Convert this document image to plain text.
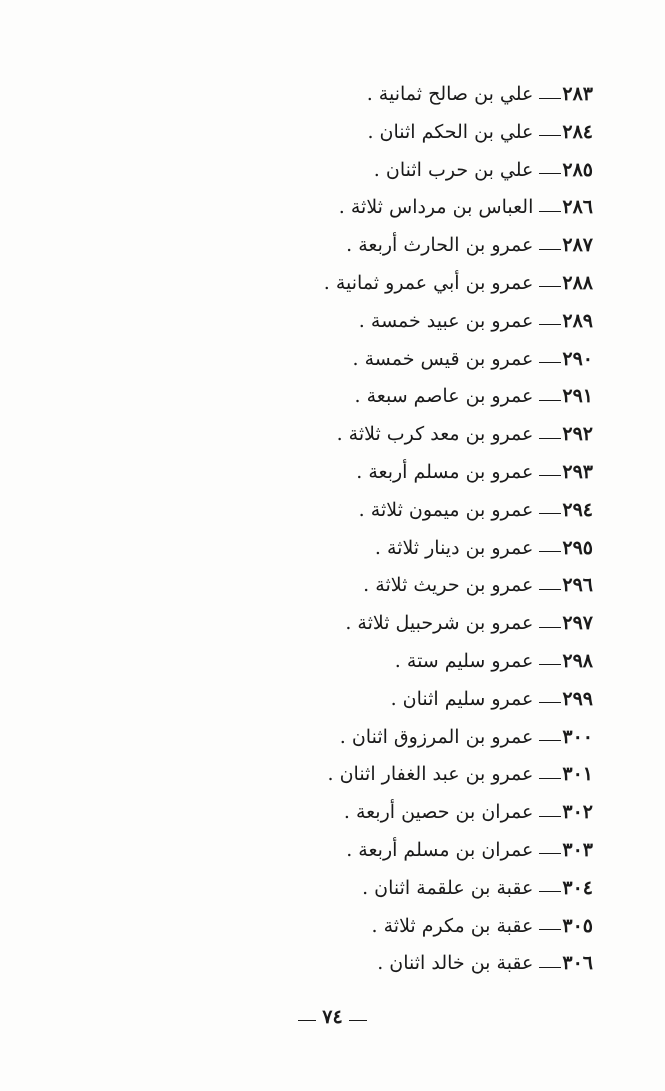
٢٨٣علي بن صالح ثمانية .
٢٨٤علي بن الحكم اثنان .
٢٨٥علي بن حرب اثنان .
٢٨٦العباس بن مرداس ثلاثة .
٢٨٧عمرو بن الحارث أربعة .
٢٨٨عمرو بن أبي عمرو ثمانية .
٢٨٩عمرو بن عبيد خمسة .
٢٩٠عمرو بن قيس خمسة .
٢٩١عمرو بن عاصم سبعة .
٢٩٢عمرو بن معد كرب ثلاثة .
٢٩٣عمرو بن مسلم أربعة .
٢٩٤عمرو بن ميمون ثلاثة .
٢٩٥عمرو بن دينار ثلاثة .
٢٩٦عمرو بن حريث ثلاثة .
٢٩٧عمرو بن شرحبيل ثلاثة .
٢٩٨عمرو سليم ستة .
٢٩٩عمرو سليم اثنان .
٣٠٠عمرو بن المرزوق اثنان .
٣٠١عمرو بن عبد الغفار اثنان .
٣٠٢عمران بن حصين أربعة .
٣٠٣عمران بن مسلم أربعة .
٣٠٤عقبة بن علقمة اثنان .
٣٠٥عقبة بن مكرم ثلاثة .
٣٠٦عقبة بن خالد اثنان .
٧٤
